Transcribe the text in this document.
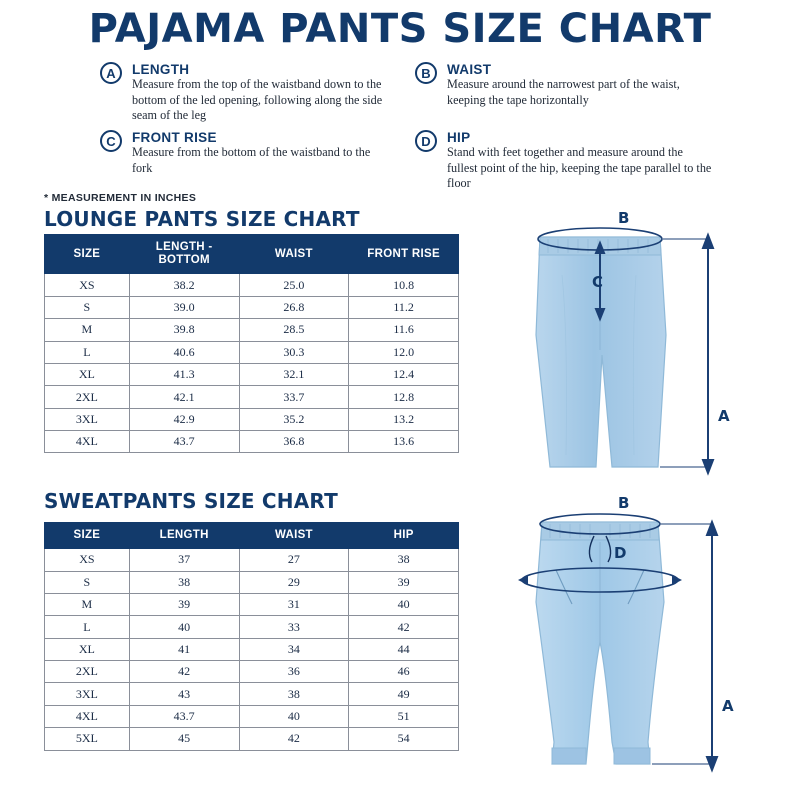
PAJAMA PANTS SIZE CHART
A	LENGTH
Measure from the top of the waistband down to the bottom of the led opening, following along the side seam of the leg
B	WAIST
Measure around the narrowest part of the waist, keeping the tape horizontally
C	FRONT RISE
Measure from the bottom of the waistband to the fork
D	HIP
Stand with feet together and measure around the fullest point of the hip, keeping the tape parallel to the floor
* MEASUREMENT IN INCHES
LOUNGE PANTS SIZE CHART
SIZE	LENGTH - BOTTOM	WAIST	FRONT RISE
XS	38.2	25.0	10.8
S	39.0	26.8	11.2
M	39.8	28.5	11.6
L	40.6	30.3	12.0
XL	41.3	32.1	12.4
2XL	42.1	33.7	12.8
3XL	42.9	35.2	13.2
4XL	43.7	36.8	13.6
SWEATPANTS SIZE CHART
SIZE	LENGTH	WAIST	HIP
XS	37	27	38
S	38	29	39
M	39	31	40
L	40	33	42
XL	41	34	44
2XL	42	36	46
3XL	43	38	49
4XL	43.7	40	51
5XL	45	42	54
B
C
A
B
D
A
